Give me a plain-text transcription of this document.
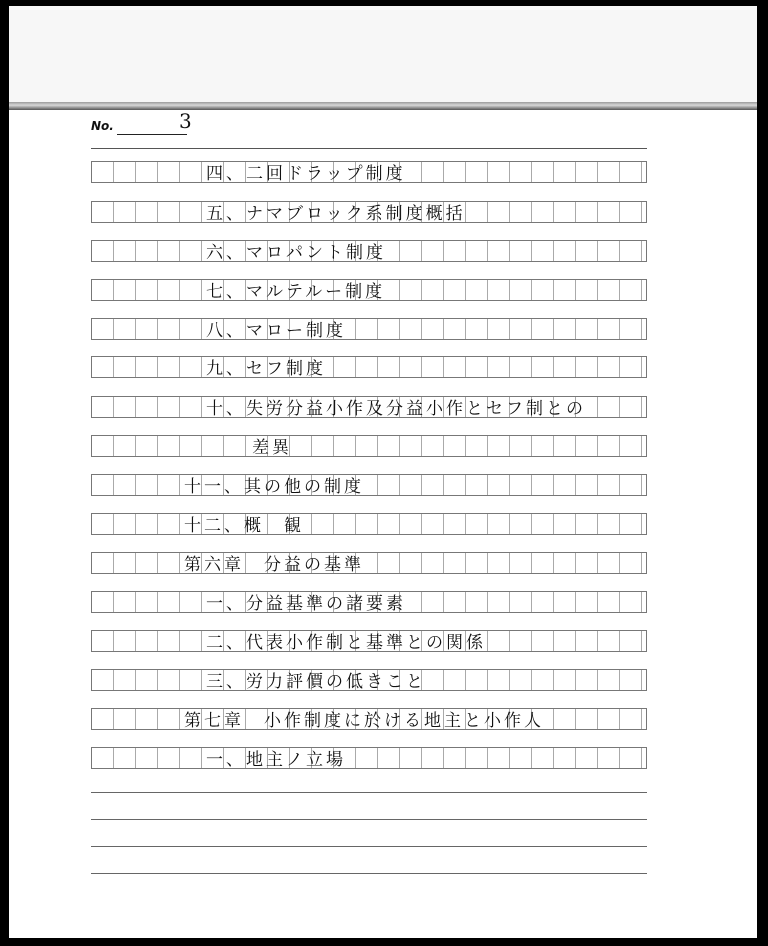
No.	3
四、二回ドラップ制度
五、ナマブロック系制度概括
六、マロパント制度
七、マルテルー制度
八、マロー制度
九、セフ制度
十、失労分益小作及分益小作とセフ制との
差異
十一、其の他の制度
十二、概　観
第六章　分益の基準
一、分益基準の諸要素
二、代表小作制と基準との関係
三、労力評價の低きこと
第七章　小作制度に於ける地主と小作人
一、地主ノ立場
